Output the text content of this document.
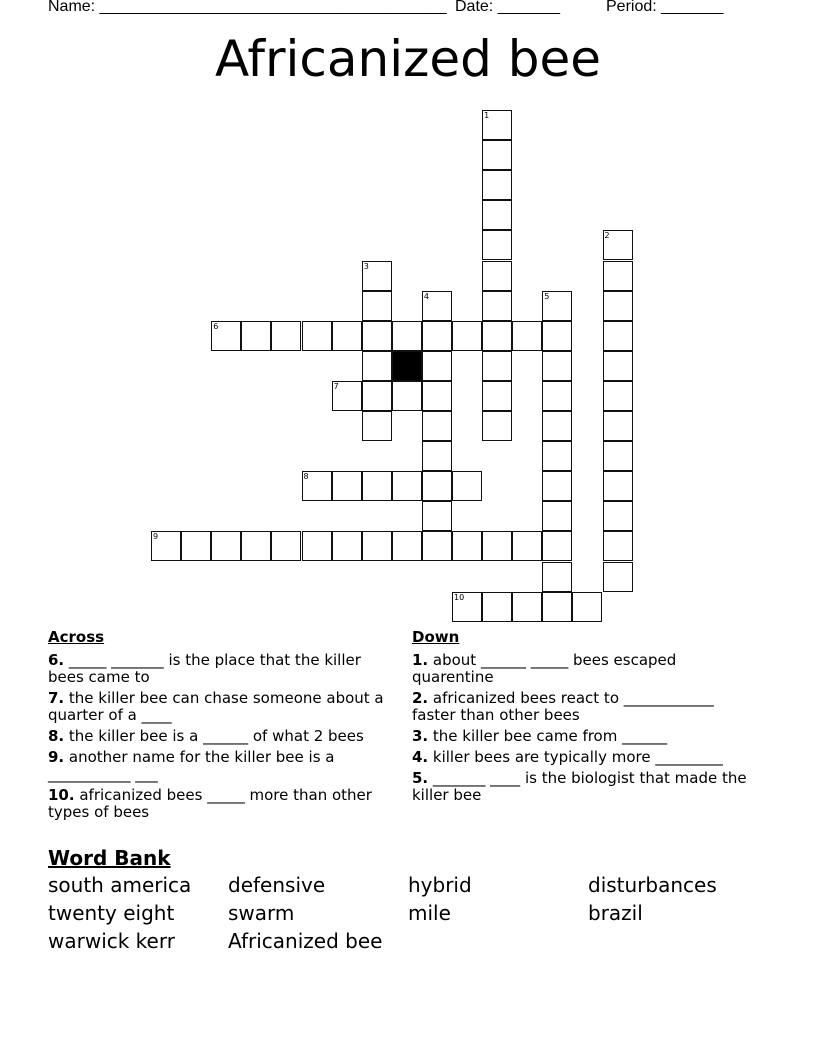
Name: _______________________________________ Date: _______	Period: _______
Africanized bee
1
2
3
4	5
6
7
8
9
10
Across
6. _____ _______ is the place that the killer bees came to
7. the killer bee can chase someone about a quarter of a ____
8. the killer bee is a ______ of what 2 bees
9. another name for the killer bee is a ___________ ___
10. africanized bees _____ more than other types of bees
Down
1. about ______ _____ bees escaped quarentine
2. africanized bees react to ____________ faster than other bees
3. the killer bee came from ______
4. killer bees are typically more _________
5. _______ ____ is the biologist that made the killer bee
Word Bank
south america defensive	hybrid	disturbances
twenty eight	swarm	mile	brazil
warwick kerr	Africanized bee
